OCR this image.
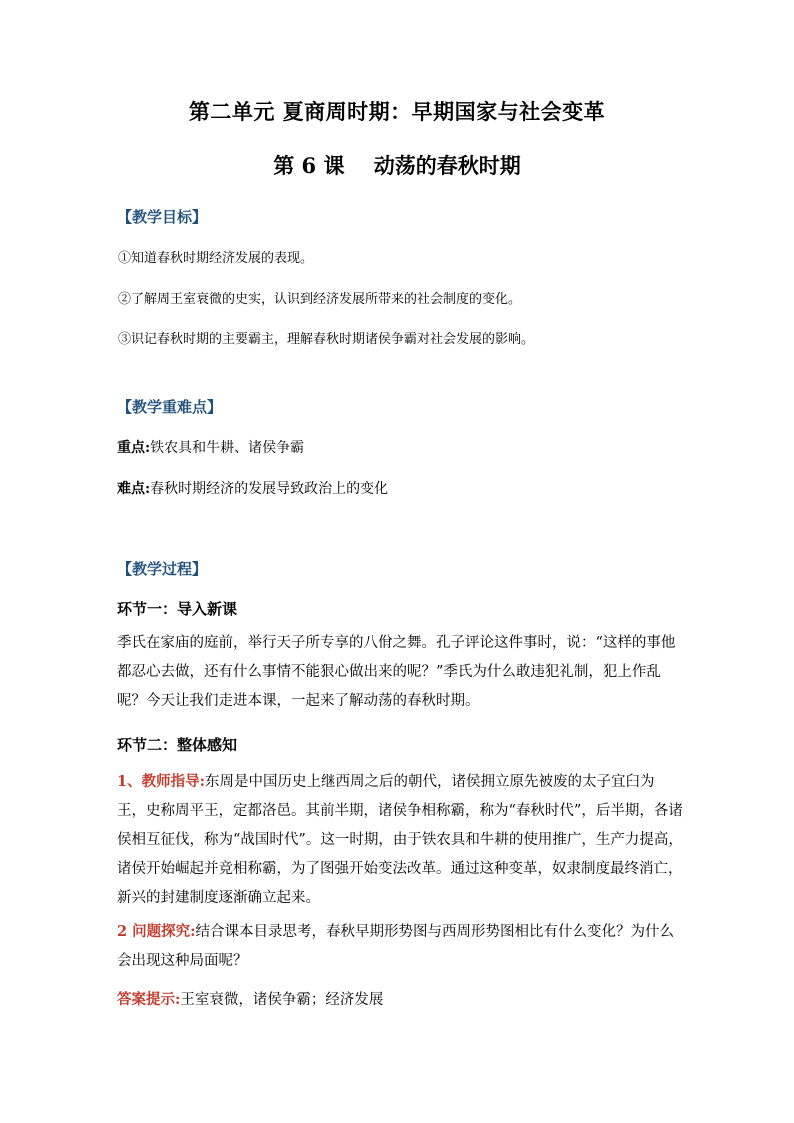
第二单元 夏商周时期：早期国家与社会变革
第 6 课    动荡的春秋时期
【教学目标】
①知道春秋时期经济发展的表现。
②了解周王室衰微的史实，认识到经济发展所带来的社会制度的变化。
③识记春秋时期的主要霸主，理解春秋时期诸侯争霸对社会发展的影响。
【教学重难点】
重点:铁农具和牛耕、诸侯争霸
难点:春秋时期经济的发展导致政治上的变化
【教学过程】
环节一：导入新课

季氏在家庙的庭前，举行天子所专享的八佾之舞。孔子评论这件事时，说：“这样的事他都忍心去做，还有什么事情不能狠心做出来的呢？”季氏为什么敢违犯礼制，犯上作乱呢？今天让我们走进本课，一起来了解动荡的春秋时期。

环节二：整体感知

1、教师指导:东周是中国历史上继西周之后的朝代，诸侯拥立原先被废的太子宜臼为王，史称周平王，定都洛邑。其前半期，诸侯争相称霸，称为“春秋时代”，后半期，各诸侯相互征伐，称为“战国时代”。这一时期，由于铁农具和牛耕的使用推广，生产力提高，诸侯开始崛起并竞相称霸，为了图强开始变法改革。通过这种变革，奴隶制度最终消亡，新兴的封建制度逐渐确立起来。

2 问题探究:结合课本目录思考，春秋早期形势图与西周形势图相比有什么变化？为什么会出现这种局面呢？

答案提示:王室衰微，诸侯争霸；经济发展
